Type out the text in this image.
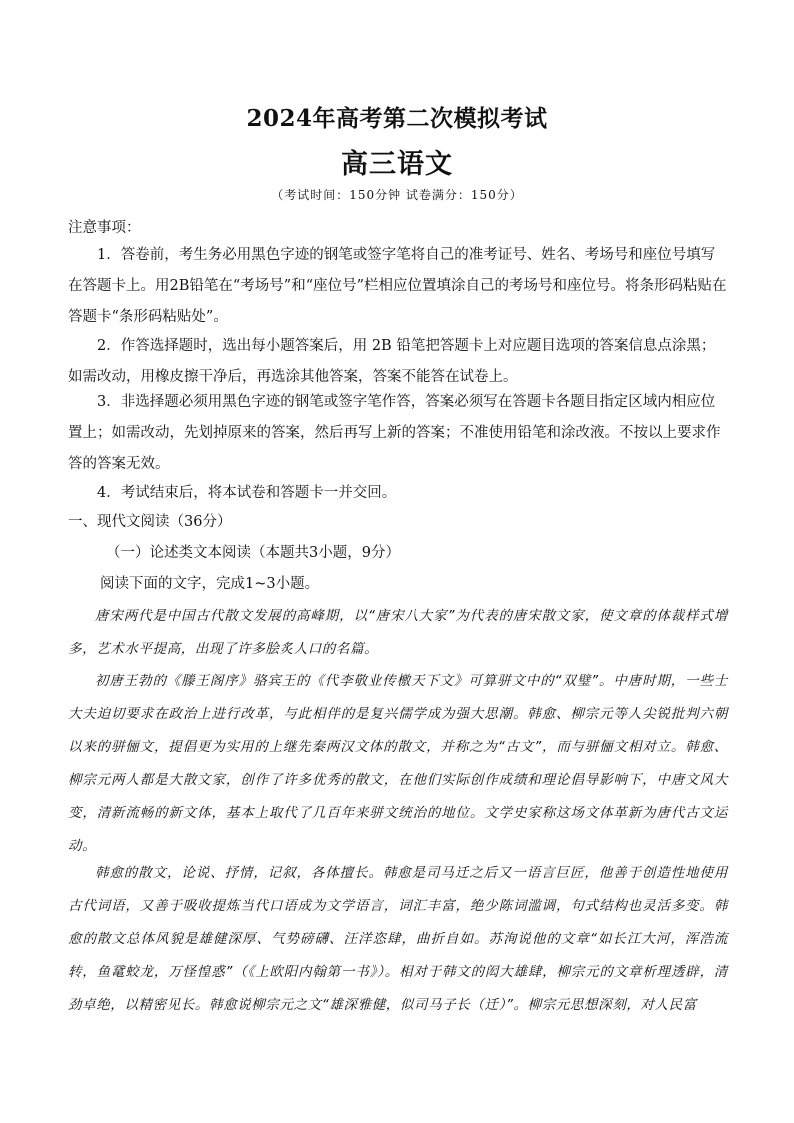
2024年高考第二次模拟考试
高三语文
（考试时间：150分钟 试卷满分：150分）
注意事项：
1．答卷前，考生务必用黑色字迹的钢笔或签字笔将自己的准考证号、姓名、考场号和座位号填写在答题卡上。用2B铅笔在“考场号”和“座位号”栏相应位置填涂自己的考场号和座位号。将条形码粘贴在答题卡“条形码粘贴处”。
2．作答选择题时，选出每小题答案后，用 2B 铅笔把答题卡上对应题目选项的答案信息点涂黑；如需改动，用橡皮擦干净后，再选涂其他答案，答案不能答在试卷上。
3．非选择题必须用黑色字迹的钢笔或签字笔作答，答案必须写在答题卡各题目指定区域内相应位置上；如需改动，先划掉原来的答案，然后再写上新的答案；不准使用铅笔和涂改液。不按以上要求作答的答案无效。
4．考试结束后，将本试卷和答题卡一并交回。
一、现代文阅读（36分）
（一）论述类文本阅读（本题共3小题，9分）
阅读下面的文字，完成1~3小题。
唐宋两代是中国古代散文发展的高峰期，以“唐宋八大家”为代表的唐宋散文家，使文章的体裁样式增多，艺术水平提高，出现了许多脍炙人口的名篇。
初唐王勃的《滕王阁序》骆宾王的《代李敬业传檄天下文》可算骈文中的“双璧”。中唐时期，一些士大夫迫切要求在政治上进行改革，与此相伴的是复兴儒学成为强大思潮。韩愈、柳宗元等人尖锐批判六朝以来的骈俪文，提倡更为实用的上继先秦两汉文体的散文，并称之为“古文”，而与骈俪文相对立。韩愈、柳宗元两人都是大散文家，创作了许多优秀的散文，在他们实际创作成绩和理论倡导影响下，中唐文风大变，清新流畅的新文体，基本上取代了几百年来骈文统治的地位。文学史家称这场文体革新为唐代古文运动。
韩愈的散文，论说、抒情，记叙，各体擅长。韩愈是司马迁之后又一语言巨匠，他善于创造性地使用古代词语，又善于吸收提炼当代口语成为文学语言，词汇丰富，绝少陈词滥调，句式结构也灵活多变。韩愈的散文总体风貌是雄健深厚、气势磅礴、汪洋恣肆，曲折自如。苏洵说他的文章“如长江大河，浑浩流转，鱼鼋蛟龙，万怪惶惑”（《上欧阳内翰第一书》）。相对于韩文的闳大雄肆，柳宗元的文章析理透辟，清劲卓绝，以精密见长。韩愈说柳宗元之文“雄深雅健，似司马子长（迁）”。柳宗元思想深刻，对人民富
